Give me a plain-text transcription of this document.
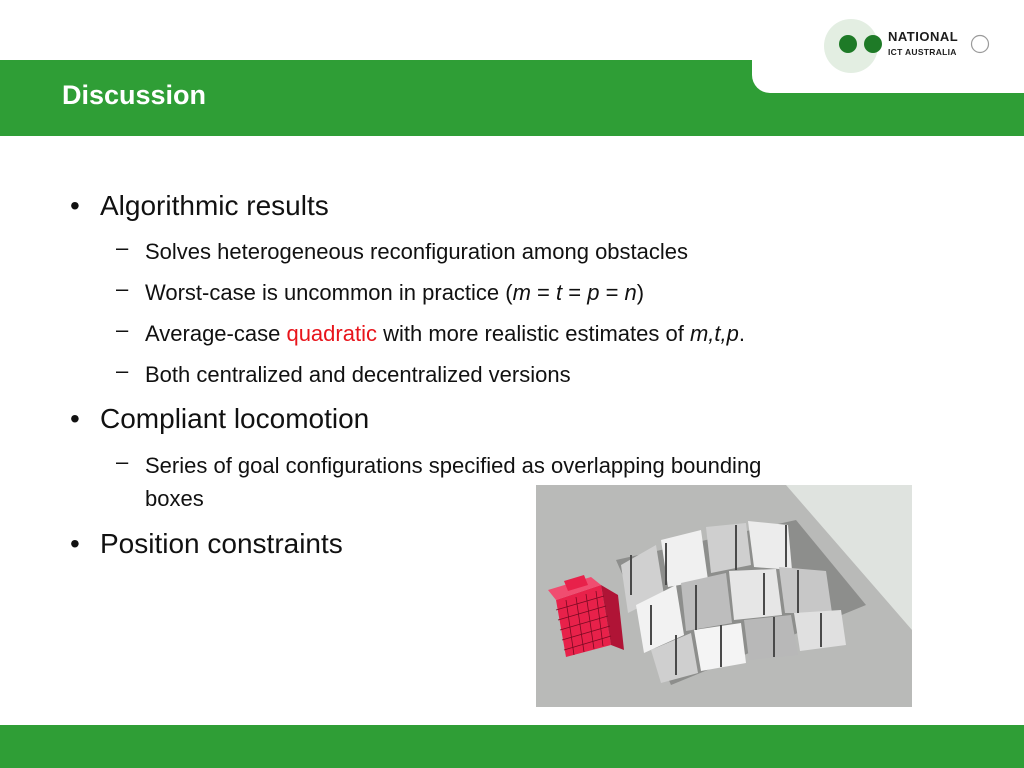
Discussion
NATIONAL
ICT AUSTRALIA
• Algorithmic results
– Solves heterogeneous reconfiguration among obstacles
– Worst-case is uncommon in practice (m = t = p = n)
– Average-case quadratic with more realistic estimates of m,t,p.
– Both centralized and decentralized versions
• Compliant locomotion
– Series of goal configurations specified as overlapping bounding
boxes
• Position constraints
